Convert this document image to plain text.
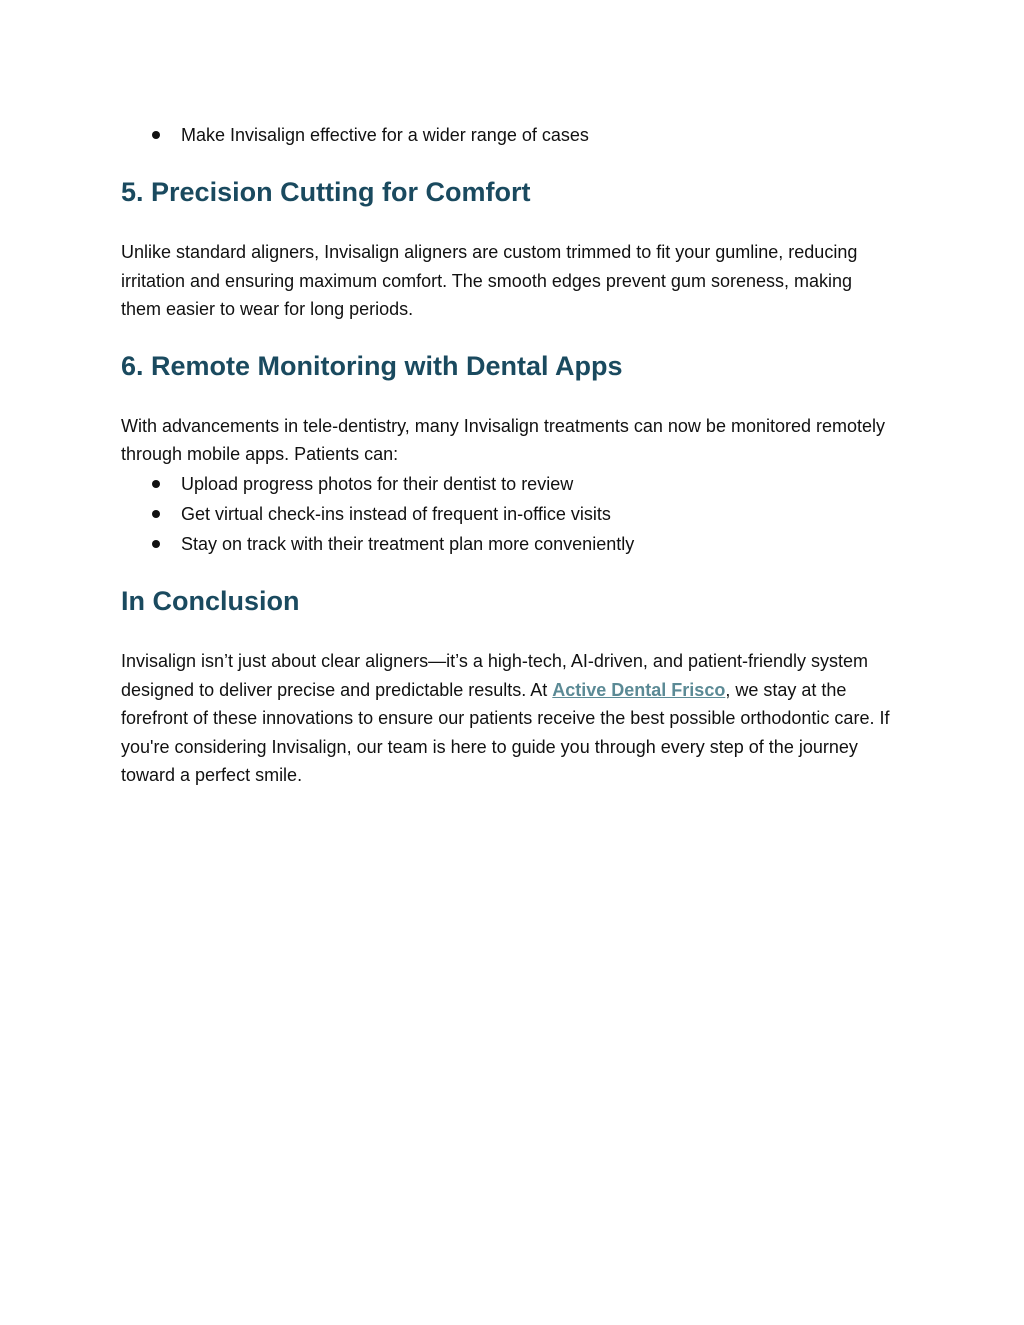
Make Invisalign effective for a wider range of cases
5. Precision Cutting for Comfort

Unlike standard aligners, Invisalign aligners are custom trimmed to fit your gumline, reducing irritation and ensuring maximum comfort. The smooth edges prevent gum soreness, making them easier to wear for long periods.

6. Remote Monitoring with Dental Apps

With advancements in tele-dentistry, many Invisalign treatments can now be monitored remotely through mobile apps. Patients can:

Upload progress photos for their dentist to review
Get virtual check-ins instead of frequent in-office visits
Stay on track with their treatment plan more conveniently
In Conclusion

Invisalign isn’t just about clear aligners—it’s a high-tech, AI-driven, and patient-friendly system designed to deliver precise and predictable results. At Active Dental Frisco, we stay at the forefront of these innovations to ensure our patients receive the best possible orthodontic care. If you're considering Invisalign, our team is here to guide you through every step of the journey toward a perfect smile.
